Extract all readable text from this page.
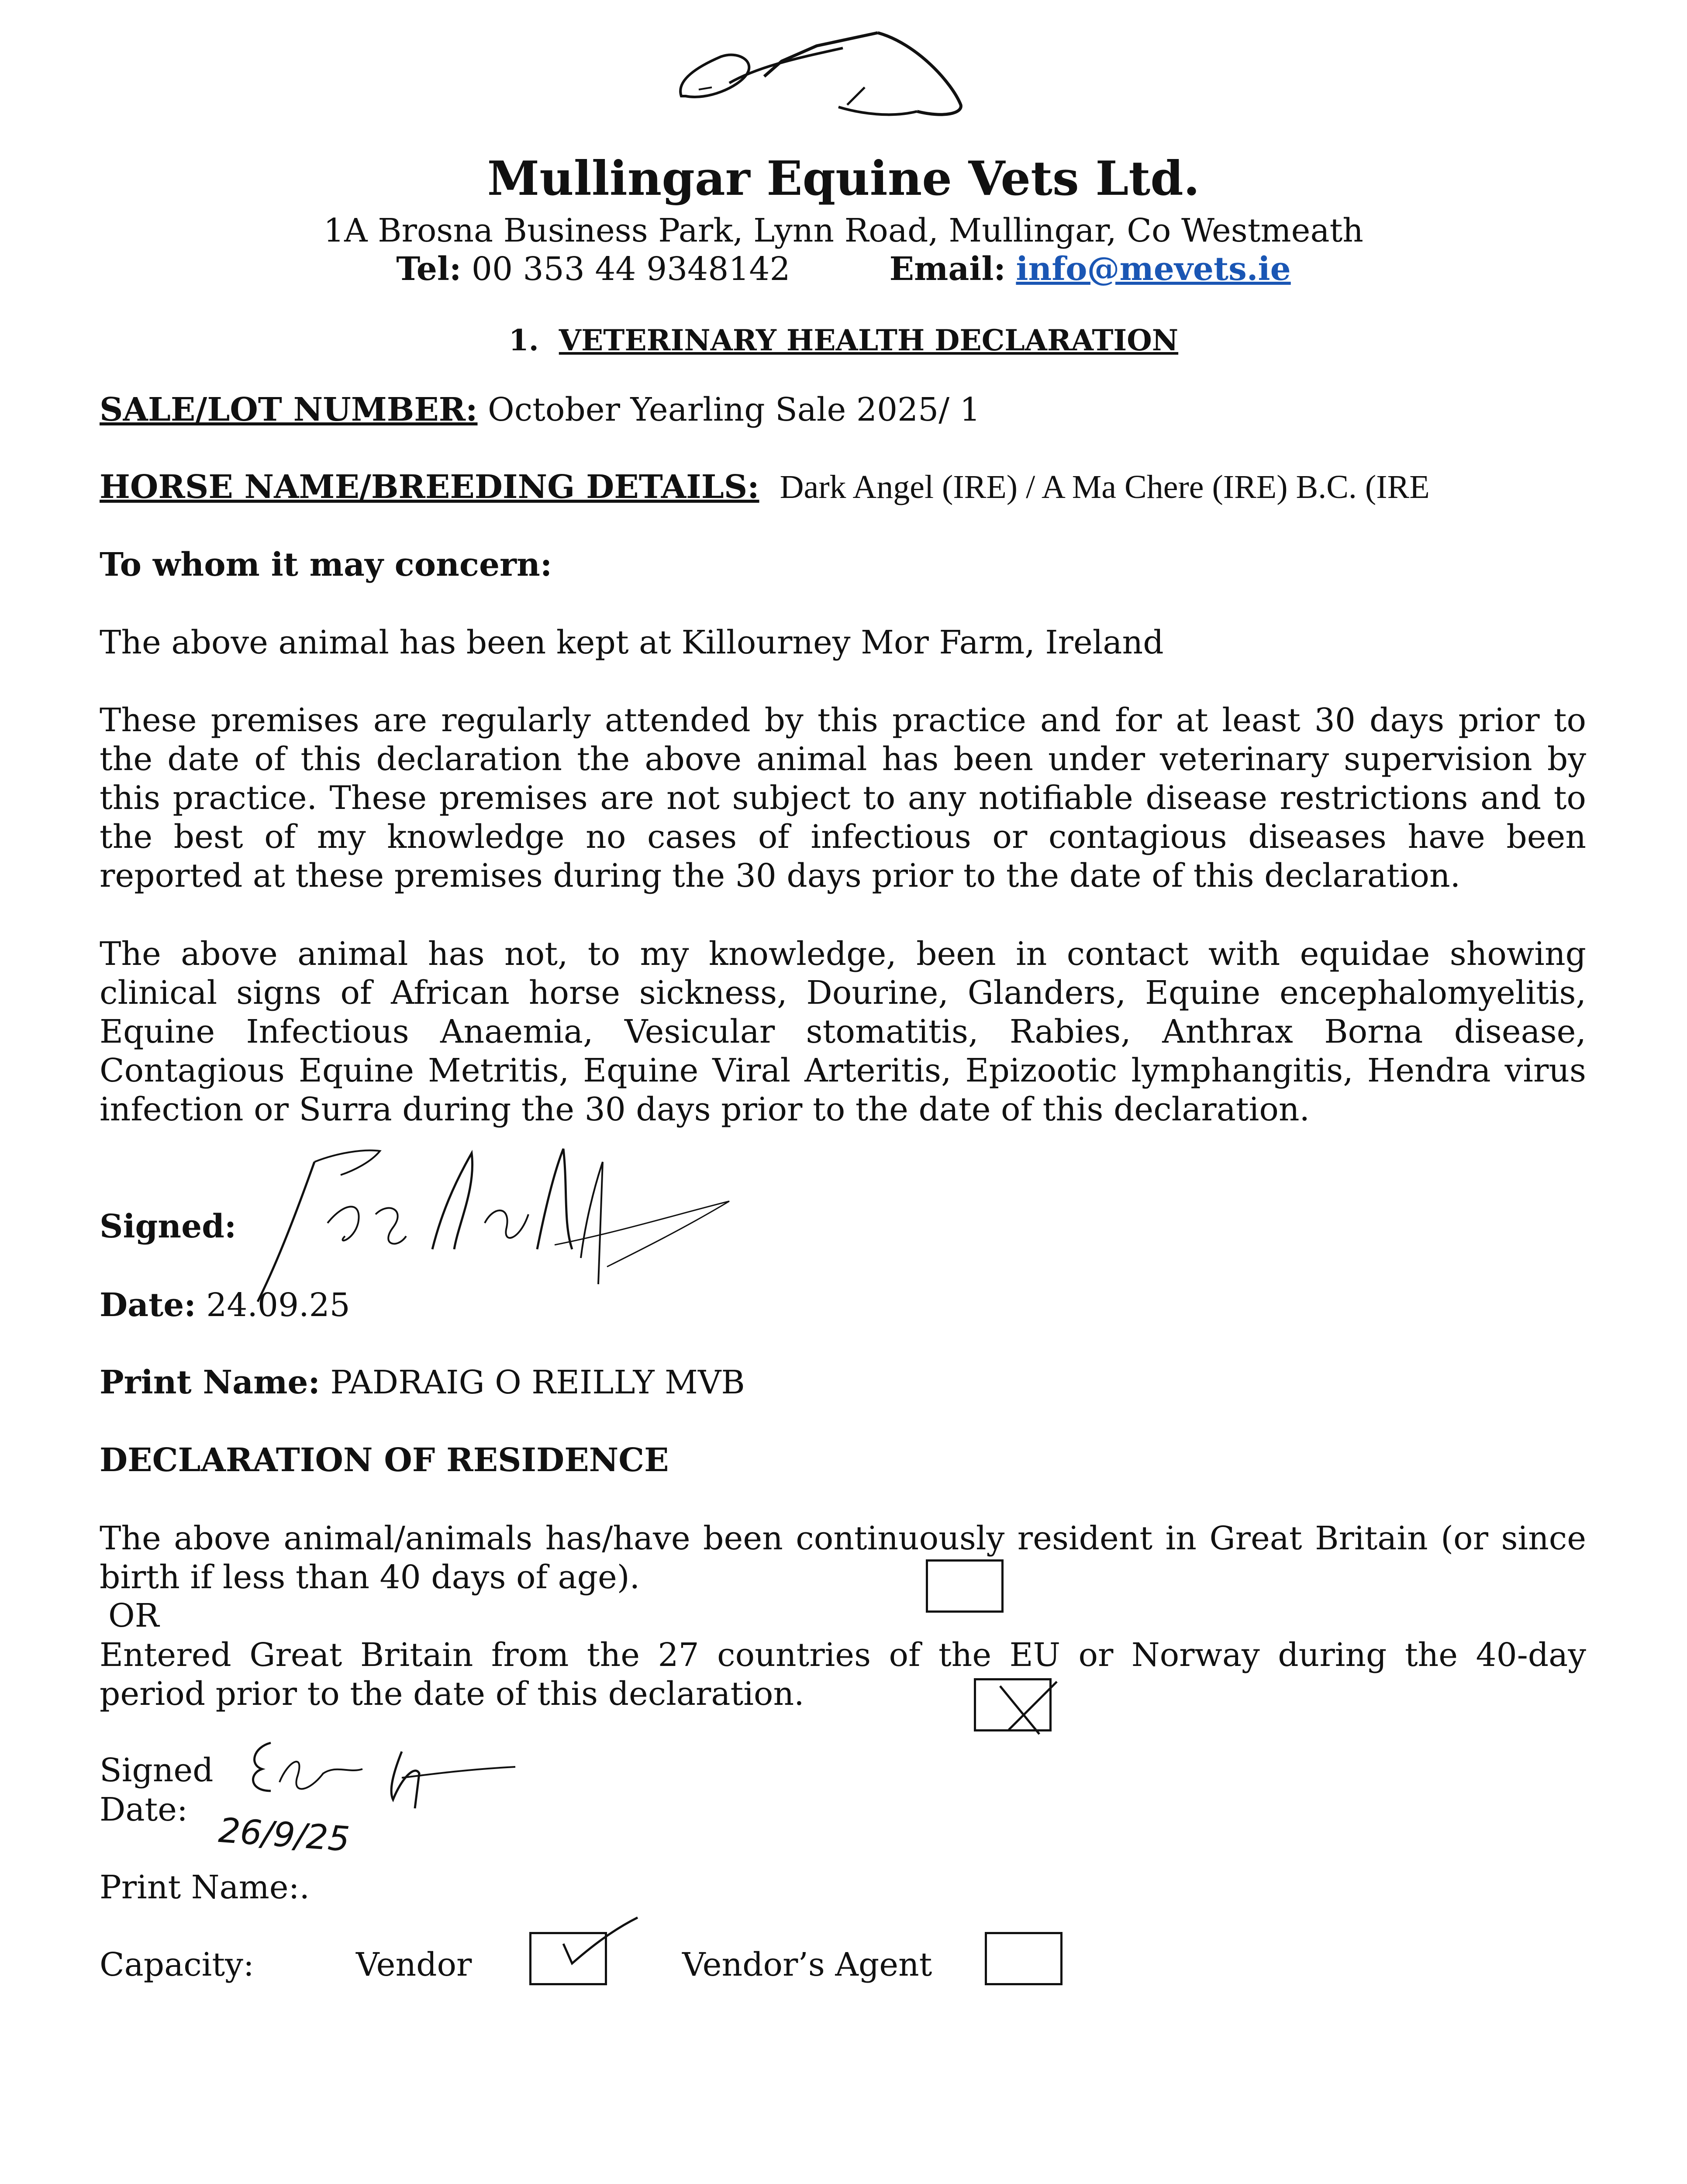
Mullingar Equine Vets Ltd.
1A Brosna Business Park, Lynn Road, Mullingar, Co Westmeath
Tel: 00 353 44 9348142	Email: info@mevets.ie
1. VETERINARY HEALTH DECLARATION
SALE/LOT NUMBER: October Yearling Sale 2025/ 1
HORSE NAME/BREEDING DETAILS: Dark Angel (IRE) / A Ma Chere (IRE) B.C. (IRE
To whom it may concern:

The above animal has been kept at Killourney Mor Farm, Ireland

These premises are regularly attended by this practice and for at least 30 days prior to the date of this declaration the above animal has been under veterinary supervision by this practice. These premises are not subject to any notifiable disease restrictions and to the best of my knowledge no cases of infectious or contagious diseases have been reported at these premises during the 30 days prior to the date of this declaration.

The above animal has not, to my knowledge, been in contact with equidae showing clinical signs of African horse sickness, Dourine, Glanders, Equine encephalomyelitis, Equine Infectious Anaemia, Vesicular stomatitis, Rabies, Anthrax Borna disease, Contagious Equine Metritis, Equine Viral Arteritis, Epizootic lymphangitis, Hendra virus infection or Surra during the 30 days prior to the date of this declaration.

Signed:
Date: 24.09.25
Print Name: PADRAIG O REILLY MVB
DECLARATION OF RESIDENCE

The above animal/animals has/have been continuously resident in Great Britain (or since birth if less than 40 days of age).

OR

Entered Great Britain from the 27 countries of the EU or Norway during the 40-day period prior to the date of this declaration.

Signed
Date:
26/9/25
Print Name:.
Capacity:	Vendor	Vendor’s Agent
